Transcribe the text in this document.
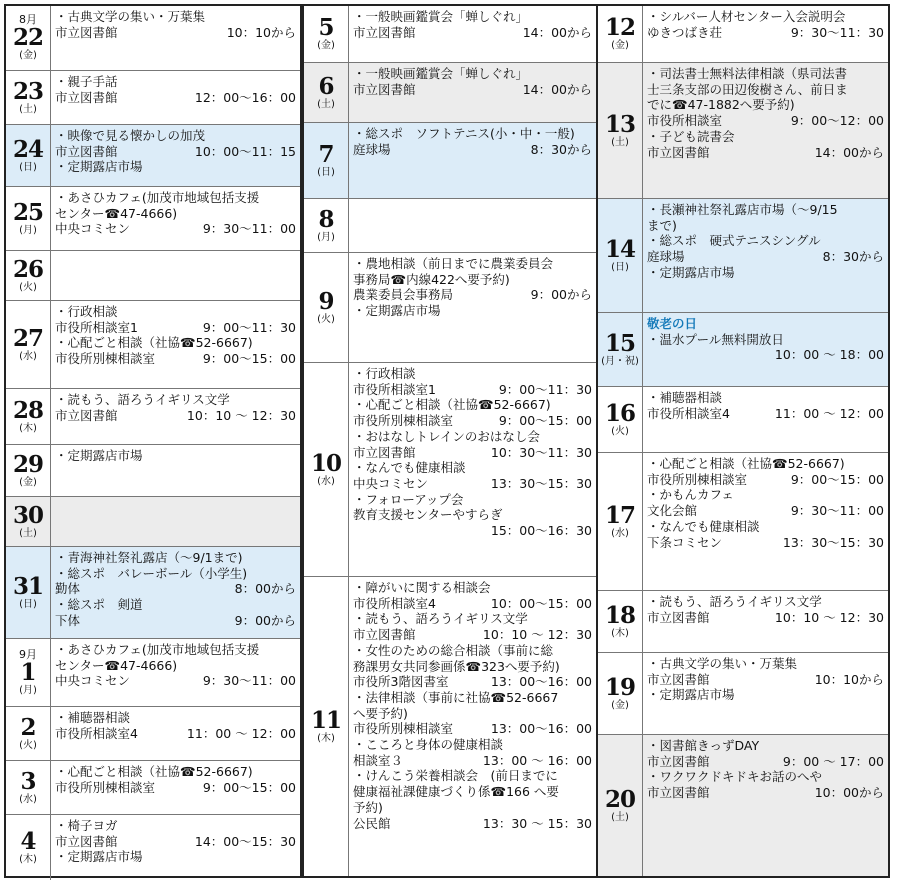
8月
22
(金)
・古典文学の集い・万葉集
市立図書館	10：10から
23
(土)
・親子手話
市立図書館	12：00～16：00
24
(日)
・映像で見る懐かしの加茂
市立図書館	10：00～11：15
・定期露店市場
25
(月)
・あさひカフェ(加茂市地域包括支援
センター☎47-4666)
中央コミセン	9：30～11：00
26
(火)
27
(水)
・行政相談
市役所相談室1	9：00～11：30
・心配ごと相談（社協☎52-6667)
市役所別棟相談室	9：00～15：00
28
(木)
・読もう、語ろうイギリス文学
市立図書館	10：10 ～ 12：30
29
(金)
・定期露店市場
30
(土)
31
(日)
・青海神社祭礼露店（～9/1まで)
・総スポ　バレーボール（小学生)
勤体	8：00から
・総スポ　剣道
下体	9：00から
9月
1
(月)
・あさひカフェ(加茂市地域包括支援
センター☎47-4666)
中央コミセン	9：30～11：00
2
(火)
・補聴器相談
市役所相談室4	11：00 ～ 12：00
3
(水)
・心配ごと相談（社協☎52-6667)
市役所別棟相談室	9：00～15：00
4
(木)
・椅子ヨガ
市立図書館	14：00～15：30
・定期露店市場
5
(金)
・一般映画鑑賞会「蝉しぐれ」
市立図書館	14：00から
6
(土)
・一般映画鑑賞会「蝉しぐれ」
市立図書館	14：00から
7
(日)
・総スポ　ソフトテニス(小・中・一般)
庭球場	8：30から
8
(月)
9
(火)
・農地相談（前日までに農業委員会
事務局☎内線422へ要予約)
農業委員会事務局	9：00から
・定期露店市場
10
(水)
・行政相談
市役所相談室1	9：00～11：30
・心配ごと相談（社協☎52-6667)
市役所別棟相談室	9：00～15：00
・おはなしトレインのおはなし会
市立図書館	10：30～11：30
・なんでも健康相談
中央コミセン	13：30～15：30
・フォローアップ会
教育支援センターやすらぎ
15：00～16：30
11
(木)
・障がいに関する相談会
市役所相談室4	10：00～15：00
・読もう、語ろうイギリス文学
市立図書館	10：10 ～ 12：30
・女性のための総合相談（事前に総
務課男女共同参画係☎323へ要予約)
市役所3階図書室	13：00～16：00
・法律相談（事前に社協☎52-6667
へ要予約)
市役所別棟相談室	13：00～16：00
・こころと身体の健康相談
相談室３	13：00 ～ 16：00
・けんこう栄養相談会　(前日までに
健康福祉課健康づくり係☎166 へ要
予約)
公民館	13：30 ～ 15：30
12
(金)
・シルバー人材センター入会説明会
ゆきつばき荘	9：30～11：30
13
(土)
・司法書士無料法律相談（県司法書
士三条支部の田辺俊樹さん、前日ま
でに☎47-1882へ要予約)
市役所相談室	9：00～12：00
・子ども読書会
市立図書館	14：00から
14
(日)
・長瀬神社祭礼露店市場（～9/15
まで)
・総スポ　硬式テニスシングル
庭球場	8：30から
・定期露店市場
15
(月・祝)
敬老の日
・温水プール無料開放日
10：00 ～ 18：00
16
(火)
・補聴器相談
市役所相談室4	11：00 ～ 12：00
17
(水)
・心配ごと相談（社協☎52-6667)
市役所別棟相談室	9：00～15：00
・かもんカフェ
文化会館	9：30～11：00
・なんでも健康相談
下条コミセン	13：30～15：30
18
(木)
・読もう、語ろうイギリス文学
市立図書館	10：10 ～ 12：30
19
(金)
・古典文学の集い・万葉集
市立図書館	10：10から
・定期露店市場
20
(土)
・図書館きっずDAY
市立図書館	9：00 ～ 17：00
・ワクワクドキドキお話のへや
市立図書館	10：00から
